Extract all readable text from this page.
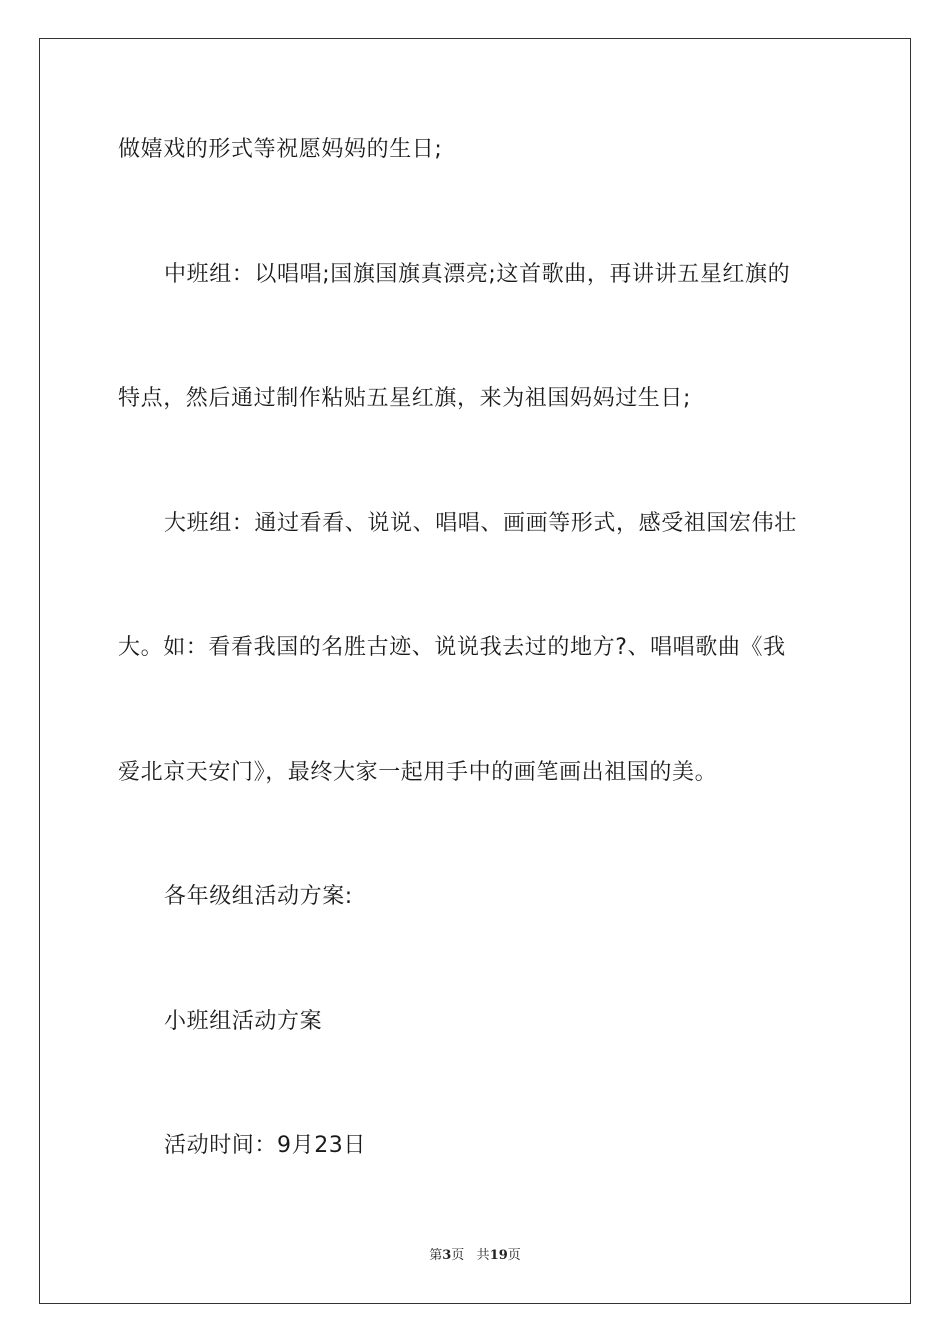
做嬉戏的形式等祝愿妈妈的生日;
中班组：以唱唱;国旗国旗真漂亮;这首歌曲，再讲讲五星红旗的
特点，然后通过制作粘贴五星红旗，来为祖国妈妈过生日;
大班组：通过看看、说说、唱唱、画画等形式，感受祖国宏伟壮
大。如：看看我国的名胜古迹、说说我去过的地方?、唱唱歌曲《我
爱北京天安门》，最终大家一起用手中的画笔画出祖国的美。
各年级组活动方案:
小班组活动方案
活动时间：9月23日
第3页 共19页
